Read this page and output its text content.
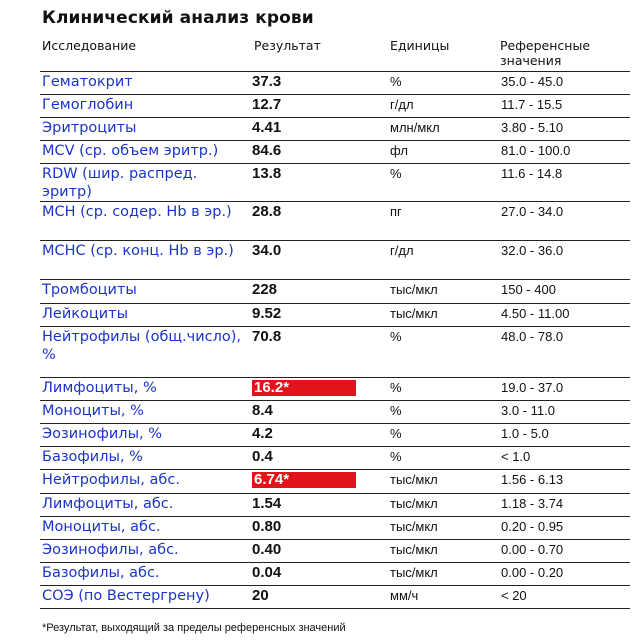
Клинический анализ крови
Исследование	Результат	Единицы	Референсные
значения
Гематокрит	37.3	%	35.0 - 45.0
Гемоглобин	12.7	г/дл	11.7 - 15.5
Эритроциты	4.41	млн/мкл	3.80 - 5.10
MCV (ср. объем эритр.)	84.6	фл	81.0 - 100.0
RDW (шир. распред. эритр)
13.8	%	11.6 - 14.8
MCH (ср. содер. Hb в эр.)	28.8	пг	27.0 - 34.0
MCHC (ср. конц. Hb в эр.)	34.0	г/дл	32.0 - 36.0
Тромбоциты	228	тыс/мкл	150 - 400
Лейкоциты	9.52	тыс/мкл	4.50 - 11.00
Нейтрофилы (общ.число), %
70.8	%	48.0 - 78.0
Лимфоциты, %	16.2*	%	19.0 - 37.0
Моноциты, %	8.4	%	3.0 - 11.0
Эозинофилы, %	4.2	%	1.0 - 5.0
Базофилы, %	0.4	%	< 1.0
Нейтрофилы, абс.	6.74*	тыс/мкл	1.56 - 6.13
Лимфоциты, абс.	1.54	тыс/мкл	1.18 - 3.74
Моноциты, абс.	0.80	тыс/мкл	0.20 - 0.95
Эозинофилы, абс.	0.40	тыс/мкл	0.00 - 0.70
Базофилы, абс.	0.04	тыс/мкл	0.00 - 0.20
СОЭ (по Вестергрену)	20	мм/ч	< 20
*Результат, выходящий за пределы референсных значений
